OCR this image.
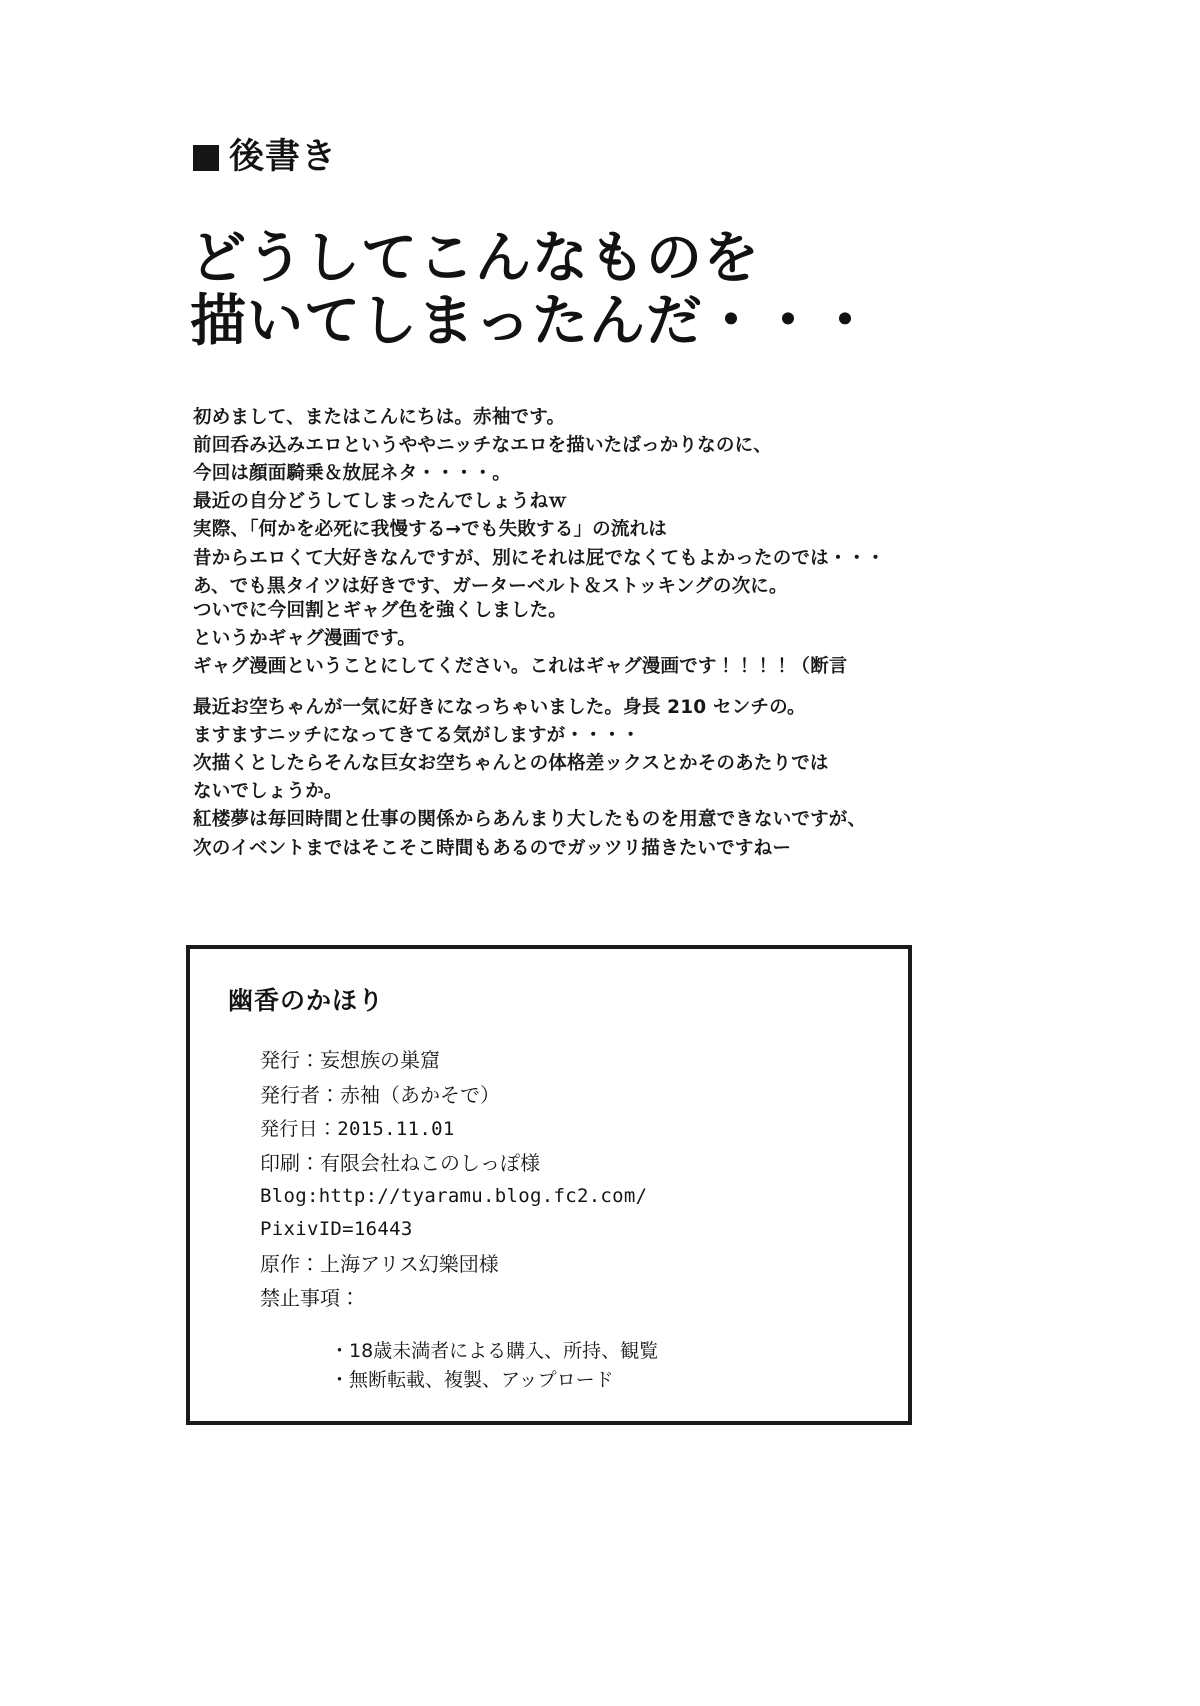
後書き
どうしてこんなものを
描いてしまったんだ・・・

初めまして、またはこんにちは。赤袖です。

前回呑み込みエロというややニッチなエロを描いたばっかりなのに、

今回は顔面騎乗＆放屁ネタ・・・・。

最近の自分どうしてしまったんでしょうねｗ

実際、「何かを必死に我慢する→でも失敗する」の流れは

昔からエロくて大好きなんですが、別にそれは屁でなくてもよかったのでは・・・

あ、でも黒タイツは好きです、ガーターベルト＆ストッキングの次に。

ついでに今回割とギャグ色を強くしました。

というかギャグ漫画です。

ギャグ漫画ということにしてください。これはギャグ漫画です！！！！（断言

最近お空ちゃんが一気に好きになっちゃいました。身長 210 センチの。

ますますニッチになってきてる気がしますが・・・・

次描くとしたらそんな巨女お空ちゃんとの体格差ックスとかそのあたりでは

ないでしょうか。

紅楼夢は毎回時間と仕事の関係からあんまり大したものを用意できないですが、

次のイベントまではそこそこ時間もあるのでガッツリ描きたいですねー

幽香のかほり
発行：妄想族の巣窟
発行者：赤袖（あかそで）
発行日：2015.11.01
印刷：有限会社ねこのしっぽ様
Blog:http://tyaramu.blog.fc2.com/
PixivID=16443
原作：上海アリス幻樂団様
禁止事項：
・18歳未満者による購入、所持、観覧
・無断転載、複製、アップロード
